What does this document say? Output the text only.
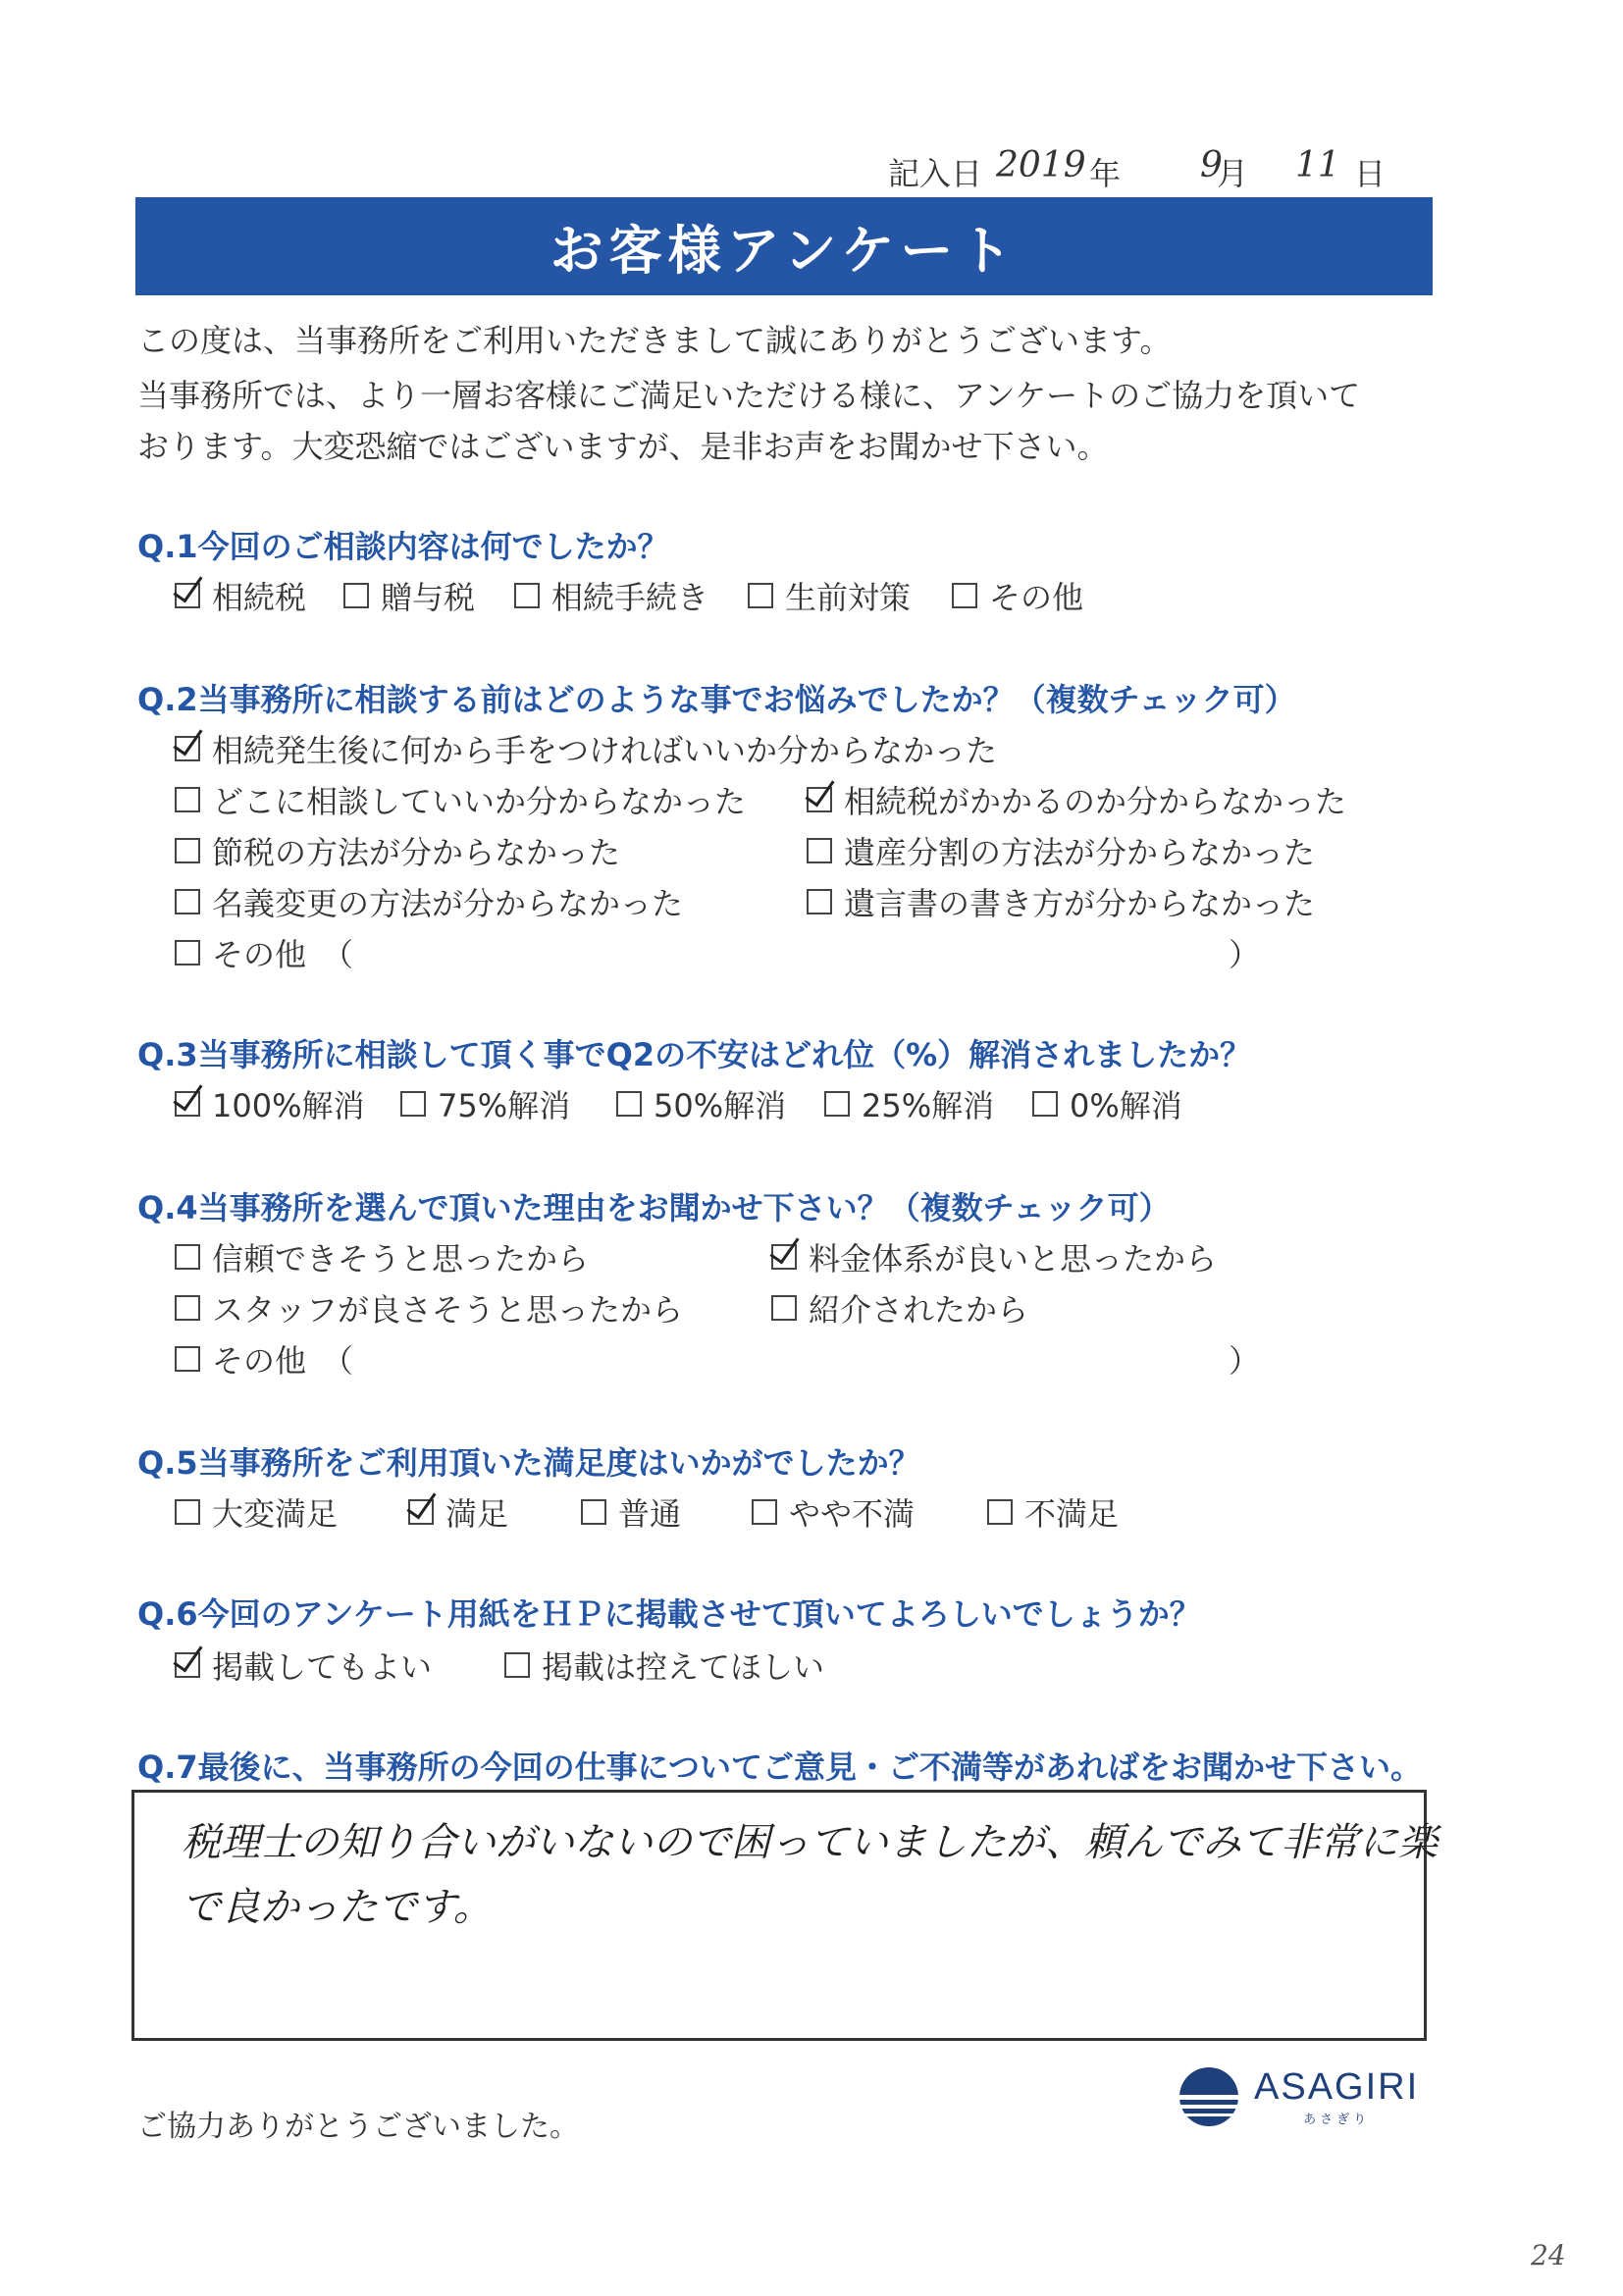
記入日 2019 年 9
月 11 日
お客様アンケート
この度は、当事務所をご利用いただきまして誠にありがとうございます。
当事務所では、より一層お客様にご満足いただける様に、アンケートのご協力を頂いて
おります。大変恐縮ではございますが、是非お声をお聞かせ下さい。
Q.1今回のご相談内容は何でしたか？
相続税 贈与税 相続手続き 生前対策 その他
Q.2当事務所に相談する前はどのような事でお悩みでしたか？（複数チェック可）
相続発生後に何から手をつければいいか分からなかった
どこに相談していいか分からなかった	相続税がかかるのか分からなかった
節税の方法が分からなかった	遺産分割の方法が分からなかった
名義変更の方法が分からなかった	遺言書の書き方が分からなかった
その他　（	）
Q.3当事務所に相談して頂く事でQ2の不安はどれ位（%）解消されましたか？
100%解消 75%解消	50%解消 25%解消 0%解消
Q.4当事務所を選んで頂いた理由をお聞かせ下さい？（複数チェック可）
信頼できそうと思ったから	料金体系が良いと思ったから
スタッフが良さそうと思ったから	紹介されたから
その他　（	）
Q.5当事務所をご利用頂いた満足度はいかがでしたか？
大変満足	満足	普通	やや不満	不満足
Q.6今回のアンケート用紙をＨＰに掲載させて頂いてよろしいでしょうか？
掲載してもよい	掲載は控えてほしい
Q.7最後に、当事務所の今回の仕事についてご意見・ご不満等があればをお聞かせ下さい。
税理士の知り合いがいないので困っていましたが、頼んでみて非常に楽で良かったです。
ご協力ありがとうございました。
ASAGIRI
あさぎり
24
